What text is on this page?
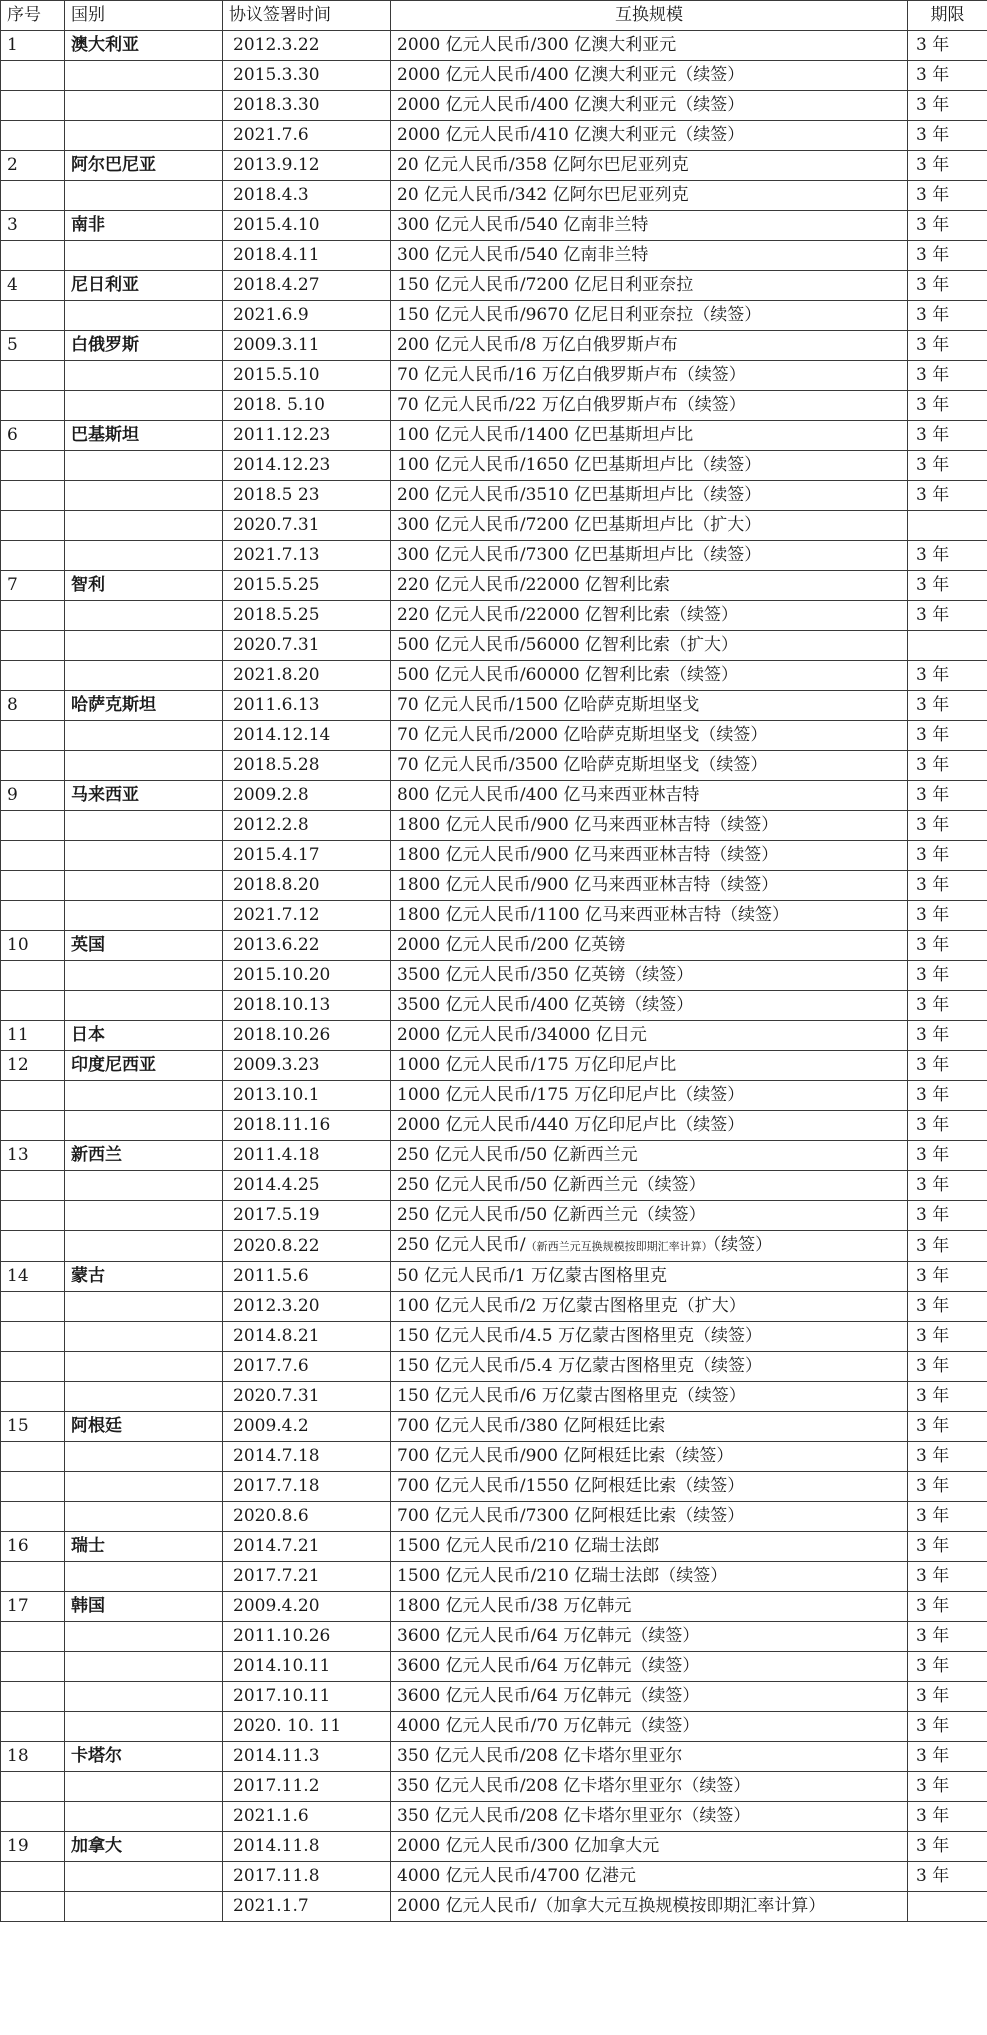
序号	国别	协议签署时间	互换规模	期限
1	澳大利亚	2012.3.22	2000 亿元人民币/300 亿澳大利亚元	3 年
		2015.3.30	2000 亿元人民币/400 亿澳大利亚元（续签）	3 年
		2018.3.30	2000 亿元人民币/400 亿澳大利亚元（续签）	3 年
		2021.7.6	2000 亿元人民币/410 亿澳大利亚元（续签）	3 年
2	阿尔巴尼亚	2013.9.12	20 亿元人民币/358 亿阿尔巴尼亚列克	3 年
		2018.4.3	20 亿元人民币/342 亿阿尔巴尼亚列克	3 年
3	南非	2015.4.10	300 亿元人民币/540 亿南非兰特	3 年
		2018.4.11	300 亿元人民币/540 亿南非兰特	3 年
4	尼日利亚	2018.4.27	150 亿元人民币/7200 亿尼日利亚奈拉	3 年
		2021.6.9	150 亿元人民币/9670 亿尼日利亚奈拉（续签）	3 年
5	白俄罗斯	2009.3.11	200 亿元人民币/8 万亿白俄罗斯卢布	3 年
		2015.5.10	70 亿元人民币/16 万亿白俄罗斯卢布（续签）	3 年
		2018. 5.10	70 亿元人民币/22 万亿白俄罗斯卢布（续签）	3 年
6	巴基斯坦	2011.12.23	100 亿元人民币/1400 亿巴基斯坦卢比	3 年
		2014.12.23	100 亿元人民币/1650 亿巴基斯坦卢比（续签）	3 年
		2018.5 23	200 亿元人民币/3510 亿巴基斯坦卢比（续签）	3 年
		2020.7.31	300 亿元人民币/7200 亿巴基斯坦卢比（扩大）	
		2021.7.13	300 亿元人民币/7300 亿巴基斯坦卢比（续签）	3 年
7	智利	2015.5.25	220 亿元人民币/22000 亿智利比索	3 年
		2018.5.25	220 亿元人民币/22000 亿智利比索（续签）	3 年
		2020.7.31	500 亿元人民币/56000 亿智利比索（扩大）	
		2021.8.20	500 亿元人民币/60000 亿智利比索（续签）	3 年
8	哈萨克斯坦	2011.6.13	70 亿元人民币/1500 亿哈萨克斯坦坚戈	3 年
		2014.12.14	70 亿元人民币/2000 亿哈萨克斯坦坚戈（续签）	3 年
		2018.5.28	70 亿元人民币/3500 亿哈萨克斯坦坚戈（续签）	3 年
9	马来西亚	2009.2.8	800 亿元人民币/400 亿马来西亚林吉特	3 年
		2012.2.8	1800 亿元人民币/900 亿马来西亚林吉特（续签）	3 年
		2015.4.17	1800 亿元人民币/900 亿马来西亚林吉特（续签）	3 年
		2018.8.20	1800 亿元人民币/900 亿马来西亚林吉特（续签）	3 年
		2021.7.12	1800 亿元人民币/1100 亿马来西亚林吉特（续签）	3 年
10	英国	2013.6.22	2000 亿元人民币/200 亿英镑	3 年
		2015.10.20	3500 亿元人民币/350 亿英镑（续签）	3 年
		2018.10.13	3500 亿元人民币/400 亿英镑（续签）	3 年
11	日本	2018.10.26	2000 亿元人民币/34000 亿日元	3 年
12	印度尼西亚	2009.3.23	1000 亿元人民币/175 万亿印尼卢比	3 年
		2013.10.1	1000 亿元人民币/175 万亿印尼卢比（续签）	3 年
		2018.11.16	2000 亿元人民币/440 万亿印尼卢比（续签）	3 年
13	新西兰	2011.4.18	250 亿元人民币/50 亿新西兰元	3 年
		2014.4.25	250 亿元人民币/50 亿新西兰元（续签）	3 年
		2017.5.19	250 亿元人民币/50 亿新西兰元（续签）	3 年
		2020.8.22	250 亿元人民币/（新西兰元互换规模按即期汇率计算）（续签）	3 年
14	蒙古	2011.5.6	50 亿元人民币/1 万亿蒙古图格里克	3 年
		2012.3.20	100 亿元人民币/2 万亿蒙古图格里克（扩大）	3 年
		2014.8.21	150 亿元人民币/4.5 万亿蒙古图格里克（续签）	3 年
		2017.7.6	150 亿元人民币/5.4 万亿蒙古图格里克（续签）	3 年
		2020.7.31	150 亿元人民币/6 万亿蒙古图格里克（续签）	3 年
15	阿根廷	2009.4.2	700 亿元人民币/380 亿阿根廷比索	3 年
		2014.7.18	700 亿元人民币/900 亿阿根廷比索（续签）	3 年
		2017.7.18	700 亿元人民币/1550 亿阿根廷比索（续签）	3 年
		2020.8.6	700 亿元人民币/7300 亿阿根廷比索（续签）	3 年
16	瑞士	2014.7.21	1500 亿元人民币/210 亿瑞士法郎	3 年
		2017.7.21	1500 亿元人民币/210 亿瑞士法郎（续签）	3 年
17	韩国	2009.4.20	1800 亿元人民币/38 万亿韩元	3 年
		2011.10.26	3600 亿元人民币/64 万亿韩元（续签）	3 年
		2014.10.11	3600 亿元人民币/64 万亿韩元（续签）	3 年
		2017.10.11	3600 亿元人民币/64 万亿韩元（续签）	3 年
		2020. 10. 11	4000 亿元人民币/70 万亿韩元（续签）	3 年
18	卡塔尔	2014.11.3	350 亿元人民币/208 亿卡塔尔里亚尔	3 年
		2017.11.2	350 亿元人民币/208 亿卡塔尔里亚尔（续签）	3 年
		2021.1.6	350 亿元人民币/208 亿卡塔尔里亚尔（续签）	3 年
19	加拿大	2014.11.8	2000 亿元人民币/300 亿加拿大元	3 年
		2017.11.8	4000 亿元人民币/4700 亿港元	3 年
		2021.1.7	2000 亿元人民币/（加拿大元互换规模按即期汇率计算）	
